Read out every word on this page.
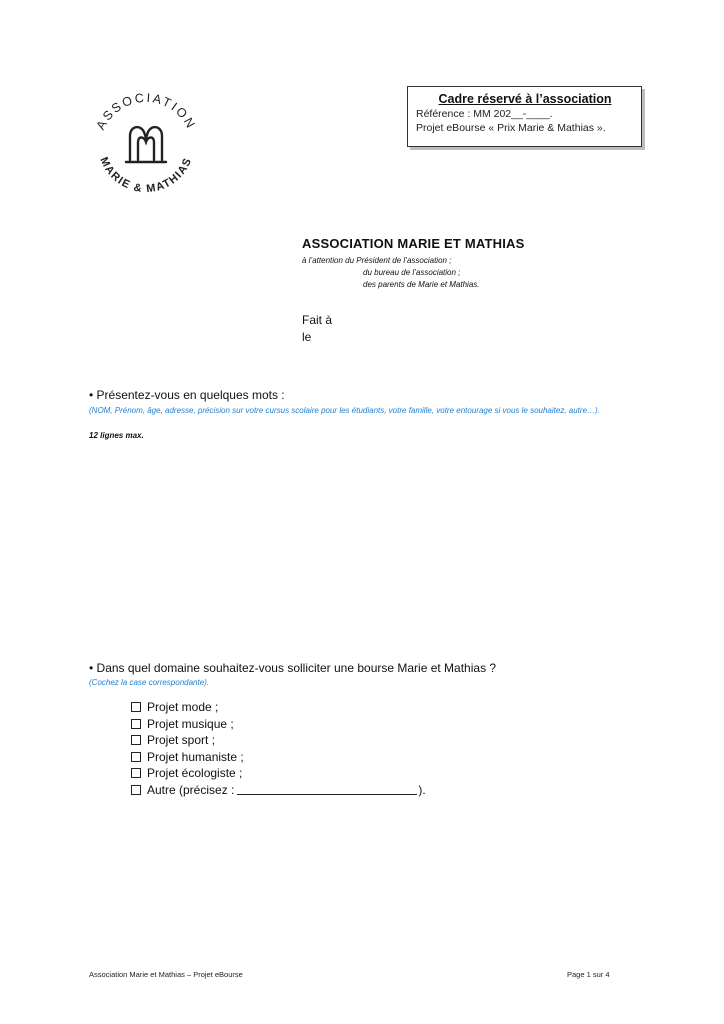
ASSOCIATION
MARIE & MATHIAS
Cadre réservé à l’association
Référence : MM 202__-____.
Projet eBourse « Prix Marie & Mathias ».
ASSOCIATION MARIE ET MATHIAS
à l’attention du Président de l’association ;
du bureau de l’association ;
des parents de Marie et Mathias.
Fait à
le
• Présentez-vous en quelques mots :
(NOM, Prénom, âge, adresse, précision sur votre cursus scolaire pour les étudiants, votre famille, votre entourage si vous le souhaitez, autre…).
12 lignes max.
• Dans quel domaine souhaitez-vous solliciter une bourse Marie et Mathias ?
(Cochez la case correspondante).
Projet mode ;
Projet musique ;
Projet sport ;
Projet humaniste ;
Projet écologiste ;
Autre (précisez :	).
Association Marie et Mathias – Projet eBourse	Page 1 sur 4
